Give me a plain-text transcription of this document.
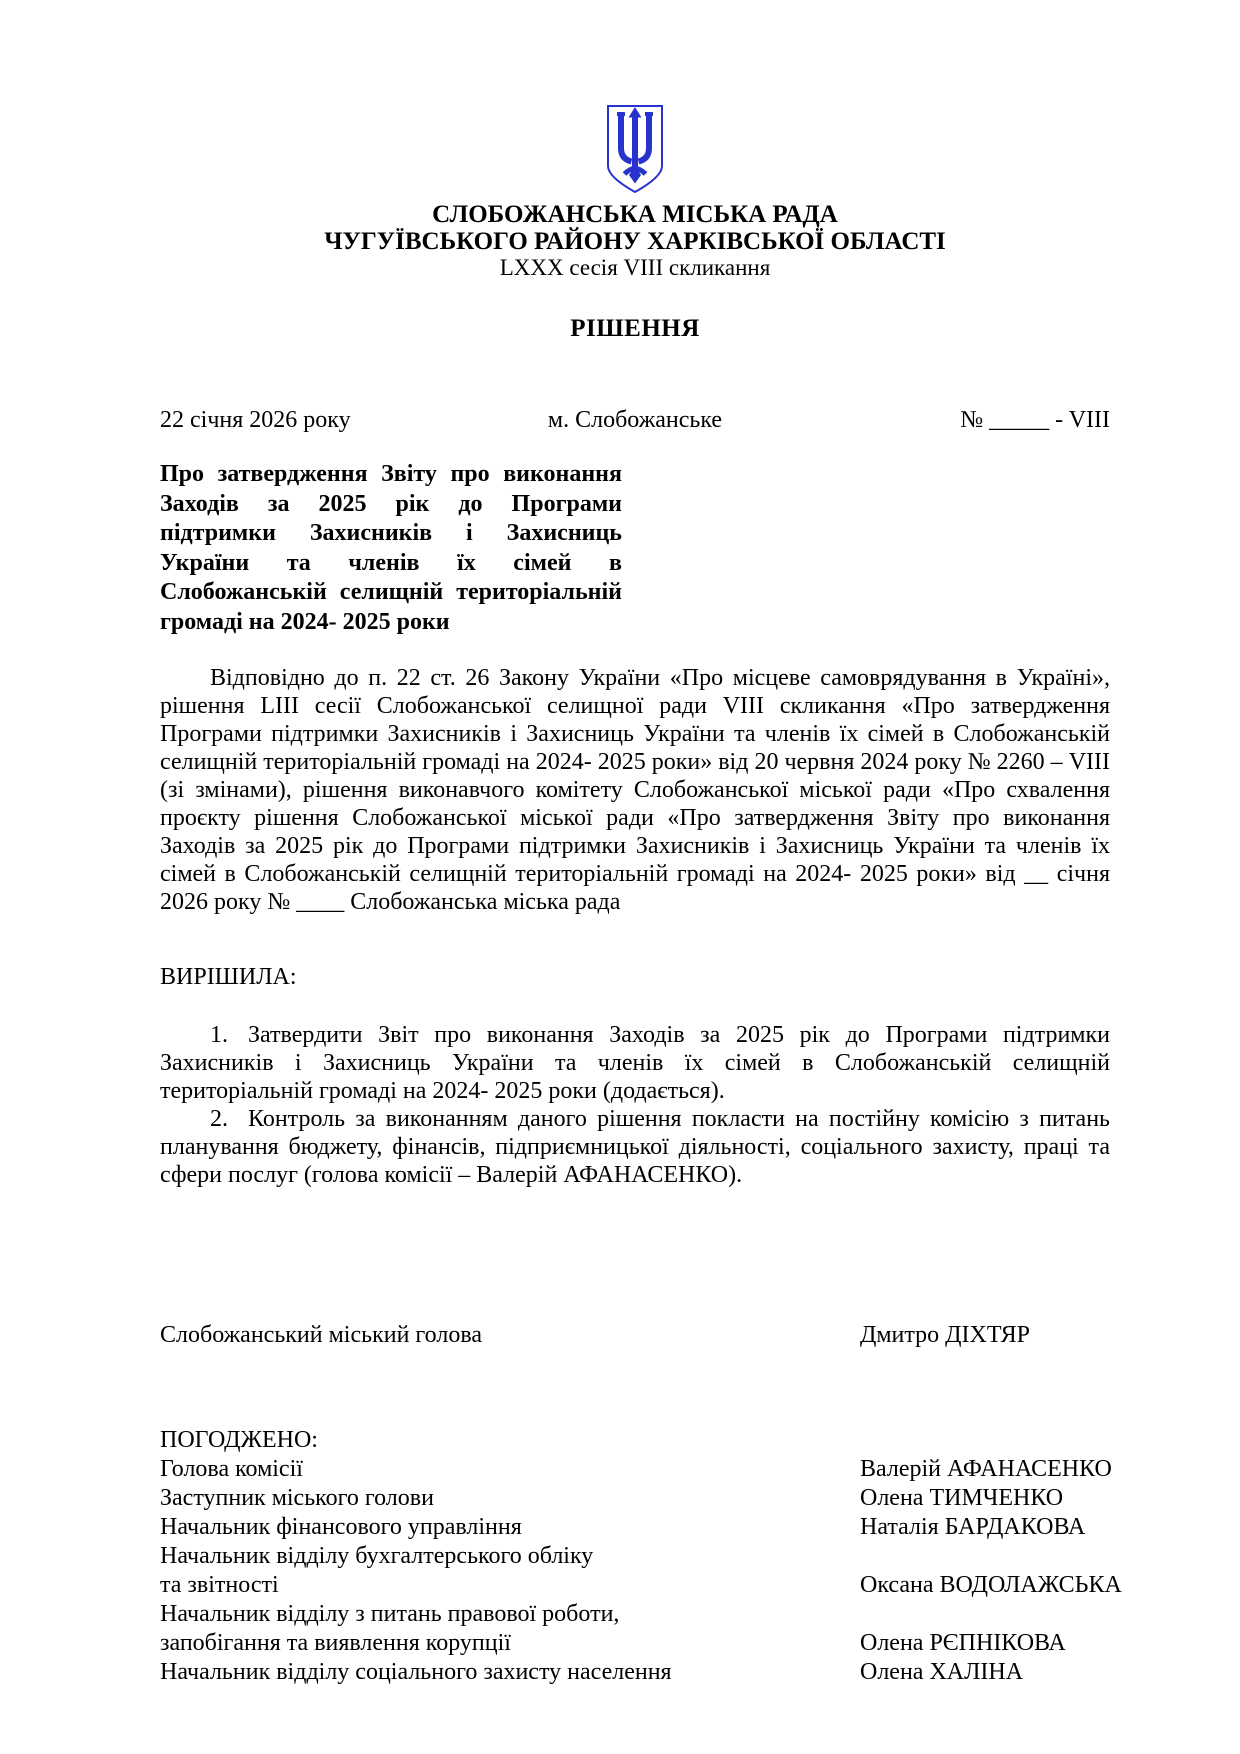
СЛОБОЖАНСЬКА МІСЬКА РАДА

ЧУГУЇВСЬКОГО РАЙОНУ ХАРКІВСЬКОЇ ОБЛАСТІ

LXXX сесія VIII скликання

РІШЕННЯ

22 січня 2026 року	м. Слобожанське	№ _____ - VIII

Про затвердження Звіту про виконання Заходів за 2025 рік до Програми підтримки Захисників і Захисниць України та членів їх сімей в Слобожанській селищній територіальній громаді на 2024- 2025 роки

Відповідно до п. 22 ст. 26 Закону України «Про місцеве самоврядування в Україні», рішення LIII сесії Слобожанської селищної ради VIII скликання «Про затвердження Програми підтримки Захисників і Захисниць України та членів їх сімей в Слобожанській селищній територіальній громаді на 2024- 2025 роки» від 20 червня 2024 року № 2260 – VIII (зі змінами), рішення виконавчого комітету Слобожанської міської ради «Про схвалення проєкту рішення Слобожанської міської ради «Про затвердження Звіту про виконання Заходів за 2025 рік до Програми підтримки Захисників і Захисниць України та членів їх сімей в Слобожанській селищній територіальній громаді на 2024- 2025 роки» від __ січня 2026 року № ____ Слобожанська міська рада

ВИРІШИЛА:

1. Затвердити Звіт про виконання Заходів за 2025 рік до Програми підтримки Захисників і Захисниць України та членів їх сімей в Слобожанській селищній територіальній громаді на 2024- 2025 роки (додається).

2. Контроль за виконанням даного рішення покласти на постійну комісію з питань планування бюджету, фінансів, підприємницької діяльності, соціального захисту, праці та сфери послуг (голова комісії – Валерій АФАНАСЕНКО).

Слобожанський міський голова	Дмитро ДІХТЯР

ПОГОДЖЕНО:

Голова комісії	Валерій АФАНАСЕНКО
Заступник міського голови	Олена ТИМЧЕНКО
Начальник фінансового управління	Наталія БАРДАКОВА
Начальник відділу бухгалтерського обліку
та звітності	Оксана ВОДОЛАЖСЬКА
Начальник відділу з питань правової роботи,
запобігання та виявлення корупції	Олена РЄПНІКОВА
Начальник відділу соціального захисту населення	Олена ХАЛІНА
